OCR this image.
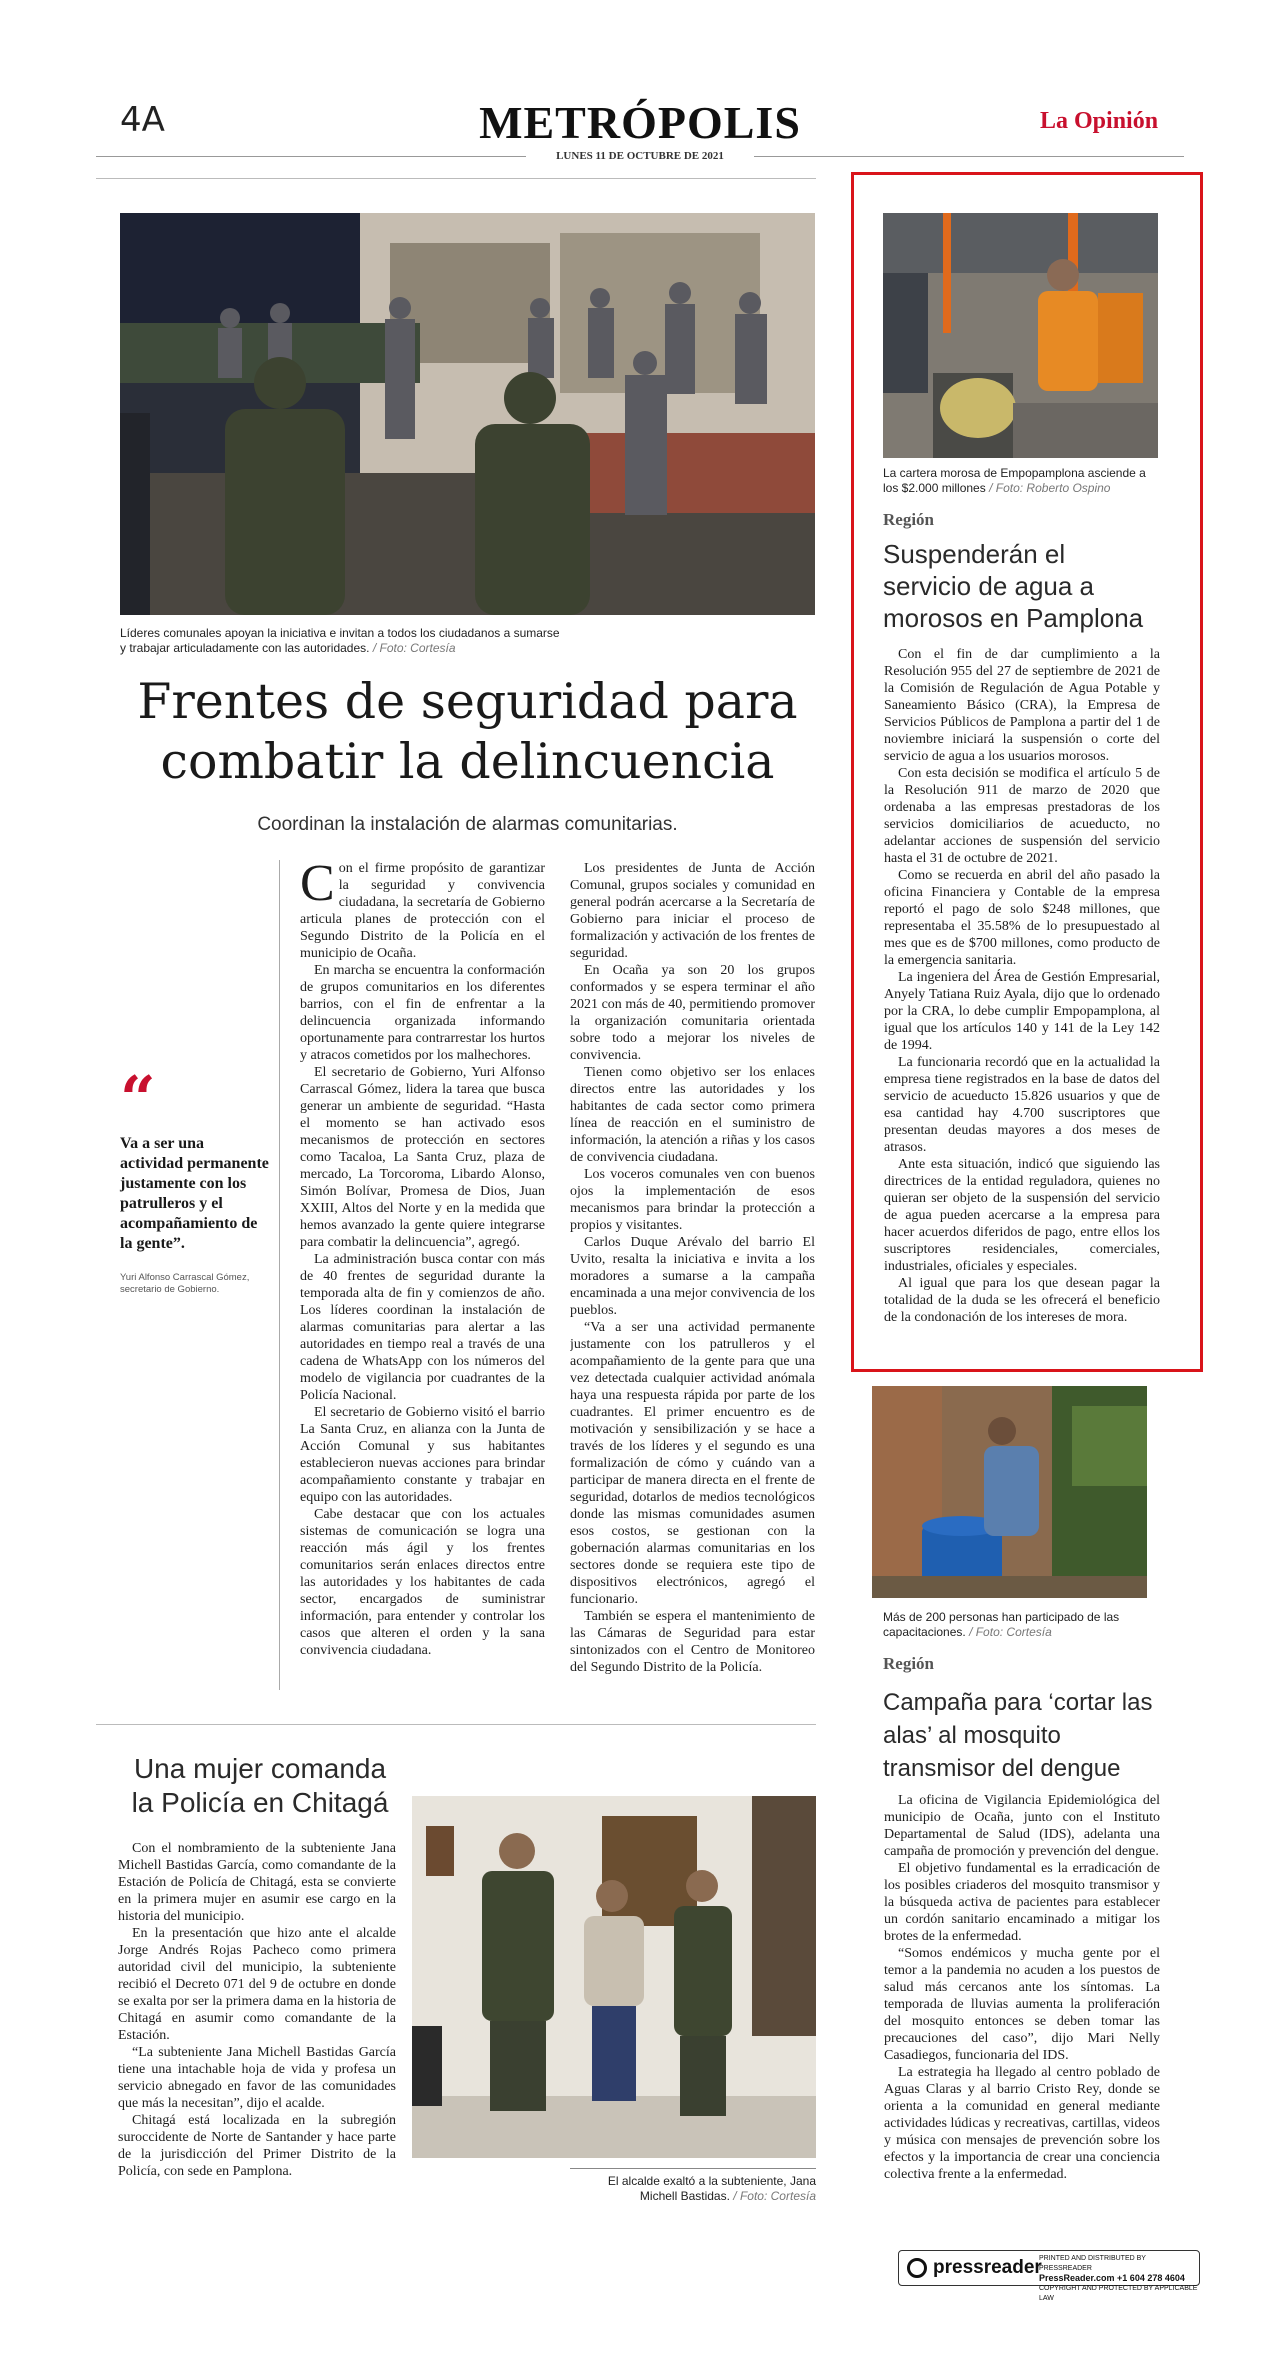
4A	METRÓPOLIS
LUNES 11 DE OCTUBRE DE 2021
La Opinión
Líderes comunales apoyan la iniciativa e invitan a todos los ciudadanos a sumarse y trabajar articuladamente con las autoridades. / Foto: Cortesía
Frentes de seguridad para
combatir la delincuencia
Coordinan la instalación de alarmas comunitarias.
“
Va a ser una actividad permanente justamente con los patrulleros y el acompañamiento de la gente”.
Yuri Alfonso Carrascal Gómez, secretario de Gobierno.

Con el firme propósito de garantizar la seguridad y convivencia ciudadana, la secretaría de Gobierno articula planes de protección con el Segundo Distrito de la Policía en el municipio de Ocaña.

En marcha se encuentra la conformación de grupos comunitarios en los diferentes barrios, con el fin de enfrentar a la delincuencia organizada informando oportunamente para contrarrestar los hurtos y atracos cometidos por los malhechores.

El secretario de Gobierno, Yuri Alfonso Carrascal Gómez, lidera la tarea que busca generar un ambiente de seguridad. “Hasta el momento se han activado esos mecanismos de protección en sectores como Tacaloa, La Santa Cruz, plaza de mercado, La Torcoroma, Libardo Alonso, Simón Bolívar, Promesa de Dios, Juan XXIII, Altos del Norte y en la medida que hemos avanzado la gente quiere integrarse para combatir la delincuencia”, agregó.

La administración busca contar con más de 40 frentes de seguridad durante la temporada alta de fin y comienzos de año. Los líderes coordinan la instalación de alarmas comunitarias para alertar a las autoridades en tiempo real a través de una cadena de WhatsApp con los números del modelo de vigilancia por cuadrantes de la Policía Nacional.

El secretario de Gobierno visitó el barrio La Santa Cruz, en alianza con la Junta de Acción Comunal y sus habitantes establecieron nuevas acciones para brindar acompañamiento constante y trabajar en equipo con las autoridades.

Cabe destacar que con los actuales sistemas de comunicación se logra una reacción más ágil y los frentes comunitarios serán enlaces directos entre las autoridades y los habitantes de cada sector, encargados de suministrar información, para entender y controlar los casos que alteren el orden y la sana convivencia ciudadana.

Los presidentes de Junta de Acción Comunal, grupos sociales y comunidad en general podrán acercarse a la Secretaría de Gobierno para iniciar el proceso de formalización y activación de los frentes de seguridad.

En Ocaña ya son 20 los grupos conformados y se espera terminar el año 2021 con más de 40, permitiendo promover la organización comunitaria orientada sobre todo a mejorar los niveles de convivencia.

Tienen como objetivo ser los enlaces directos entre las autoridades y los habitantes de cada sector como primera línea de reacción en el suministro de información, la atención a riñas y los casos de convivencia ciudadana.

Los voceros comunales ven con buenos ojos la implementación de esos mecanismos para brindar la protección a propios y visitantes.

Carlos Duque Arévalo del barrio El Uvito, resalta la iniciativa e invita a los moradores a sumarse a la campaña encaminada a una mejor convivencia de los pueblos.

“Va a ser una actividad permanente justamente con los patrulleros y el acompañamiento de la gente para que una vez detectada cualquier actividad anómala haya una respuesta rápida por parte de los cuadrantes. El primer encuentro es de motivación y sensibilización y se hace a través de los líderes y el segundo es una formalización de cómo y cuándo van a participar de manera directa en el frente de seguridad, dotarlos de medios tecnológicos donde las mismas comunidades asumen esos costos, se gestionan con la gobernación alarmas comunitarias en los sectores donde se requiera este tipo de dispositivos electrónicos, agregó el funcionario.

También se espera el mantenimiento de las Cámaras de Seguridad para estar sintonizados con el Centro de Monitoreo del Segundo Distrito de la Policía.

La cartera morosa de Empopamplona asciende a los $2.000 millones / Foto: Roberto Ospino
Región
Suspenderán el servicio de agua a morosos en Pamplona

Con el fin de dar cumplimiento a la Resolución 955 del 27 de septiembre de 2021 de la Comisión de Regulación de Agua Potable y Saneamiento Básico (CRA), la Empresa de Servicios Públicos de Pamplona a partir del 1 de noviembre iniciará la suspensión o corte del servicio de agua a los usuarios morosos.

Con esta decisión se modifica el artículo 5 de la Resolución 911 de marzo de 2020 que ordenaba a las empresas prestadoras de los servicios domiciliarios de acueducto, no adelantar acciones de suspensión del servicio hasta el 31 de octubre de 2021.

Como se recuerda en abril del año pasado la oficina Financiera y Contable de la empresa reportó el pago de solo $248 millones, que representaba el 35.58% de lo presupuestado al mes que es de $700 millones, como producto de la emergencia sanitaria.

La ingeniera del Área de Gestión Empresarial, Anyely Tatiana Ruiz Ayala, dijo que lo ordenado por la CRA, lo debe cumplir Empopamplona, al igual que los artículos 140 y 141 de la Ley 142 de 1994.

La funcionaria recordó que en la actualidad la empresa tiene registrados en la base de datos del servicio de acueducto 15.826 usuarios y que de esa cantidad hay 4.700 suscriptores que presentan deudas mayores a dos meses de atrasos.

Ante esta situación, indicó que siguiendo las directrices de la entidad reguladora, quienes no quieran ser objeto de la suspensión del servicio de agua pueden acercarse a la empresa para hacer acuerdos diferidos de pago, entre ellos los suscriptores residenciales, comerciales, industriales, oficiales y especiales.

Al igual que para los que desean pagar la totalidad de la duda se les ofrecerá el beneficio de la condonación de los intereses de mora.

Más de 200 personas han participado de las capacitaciones. / Foto: Cortesía
Región
Campaña para ‘cortar las alas’ al mosquito transmisor del dengue

La oficina de Vigilancia Epidemiológica del municipio de Ocaña, junto con el Instituto Departamental de Salud (IDS), adelanta una campaña de promoción y prevención del dengue.

El objetivo fundamental es la erradicación de los posibles criaderos del mosquito transmisor y la búsqueda activa de pacientes para establecer un cordón sanitario encaminado a mitigar los brotes de la enfermedad.

“Somos endémicos y mucha gente por el temor a la pandemia no acuden a los puestos de salud más cercanos ante los síntomas. La temporada de lluvias aumenta la proliferación del mosquito entonces se deben tomar las precauciones del caso”, dijo Mari Nelly Casadiegos, funcionaria del IDS.

La estrategia ha llegado al centro poblado de Aguas Claras y al barrio Cristo Rey, donde se orienta a la comunidad en general mediante actividades lúdicas y recreativas, cartillas, videos y música con mensajes de prevención sobre los efectos y la importancia de crear una conciencia colectiva frente a la enfermedad.

Una mujer comanda
la Policía en Chitagá

Con el nombramiento de la subteniente Jana Michell Bastidas García, como comandante de la Estación de Policía de Chitagá, esta se convierte en la primera mujer en asumir ese cargo en la historia del municipio.

En la presentación que hizo ante el alcalde Jorge Andrés Rojas Pacheco como primera autoridad civil del municipio, la subteniente recibió el Decreto 071 del 9 de octubre en donde se exalta por ser la primera dama en la historia de Chitagá en asumir como comandante de la Estación.

“La subteniente Jana Michell Bastidas García tiene una intachable hoja de vida y profesa un servicio abnegado en favor de las comunidades que más la necesitan”, dijo el acalde.

Chitagá está localizada en la subregión suroccidente de Norte de Santander y hace parte de la jurisdicción del Primer Distrito de la Policía, con sede en Pamplona.

El alcalde exaltó a la subteniente, Jana
Michell Bastidas. / Foto: Cortesía
pressreader
PRINTED AND DISTRIBUTED BY PRESSREADER
PressReader.com +1 604 278 4604
COPYRIGHT AND PROTECTED BY APPLICABLE LAW
